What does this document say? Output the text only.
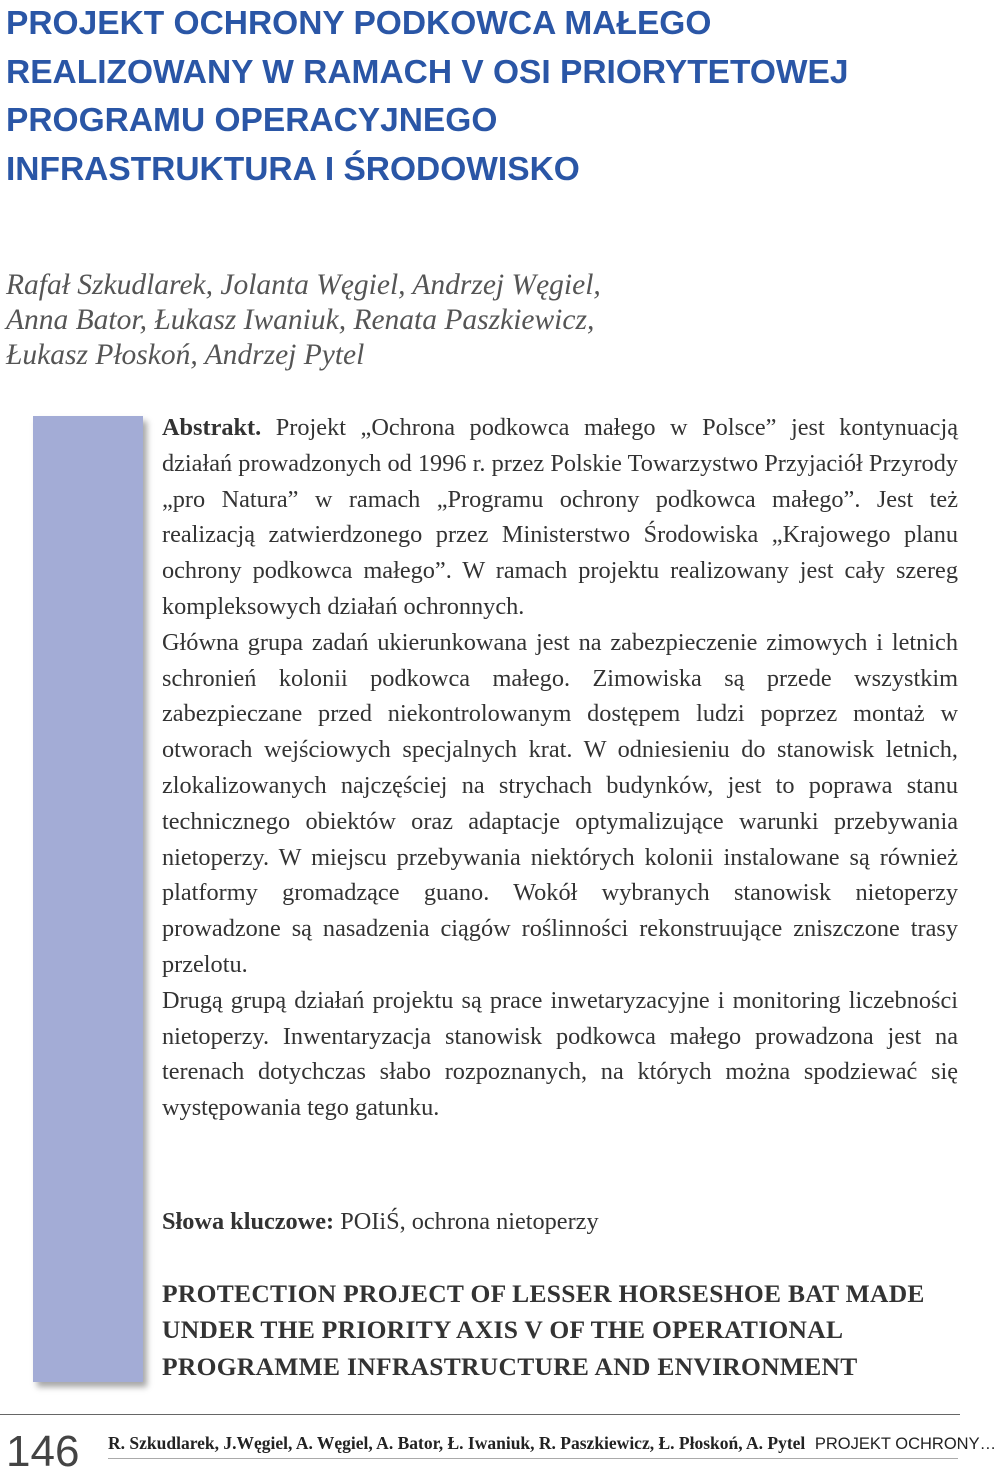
PROJEKT OCHRONY PODKOWCA MAŁEGO
REALIZOWANY W RAMACH V OSI PRIORYTETOWEJ
PROGRAMU OPERACYJNEGO
INFRASTRUKTURA I ŚRODOWISKO
Rafał Szkudlarek, Jolanta Węgiel, Andrzej Węgiel,
Anna Bator, Łukasz Iwaniuk, Renata Paszkiewicz,
Łukasz Płoskoń, Andrzej Pytel

Abstrakt. Projekt „Ochrona podkowca małego w Polsce” jest kontynuacją działań prowadzonych od 1996 r. przez Polskie Towarzystwo Przyjaciół Przyrody „pro Natura” w ramach „Programu ochrony podkowca małego”. Jest też realizacją zatwierdzonego przez Ministerstwo Środowiska „Krajowego planu ochrony podkowca małego”. W ramach projektu realizowany jest cały szereg kompleksowych działań ochronnych.

Główna grupa zadań ukierunkowana jest na zabezpieczenie zimowych i letnich schronień kolonii podkowca małego. Zimowiska są przede wszystkim zabezpieczane przed niekontrolowanym dostępem ludzi poprzez montaż w otworach wejściowych specjalnych krat. W odniesieniu do stanowisk letnich, zlokalizowanych najczęściej na strychach budynków, jest to poprawa stanu technicznego obiektów oraz adaptacje optymalizujące warunki przebywania nietoperzy. W miejscu przebywania niektórych kolonii instalowane są również platformy gromadzące guano. Wokół wybranych stanowisk nietoperzy prowadzone są nasadzenia ciągów roślinności rekonstruujące zniszczone trasy przelotu.

Drugą grupą działań projektu są prace inwetaryzacyjne i monitoring liczebności nietoperzy. Inwentaryzacja stanowisk podkowca małego prowadzona jest na terenach dotychczas słabo rozpoznanych, na których można spodziewać się występowania tego gatunku.

Słowa kluczowe: POIiŚ, ochrona nietoperzy

PROTECTION PROJECT OF LESSER HORSESHOE BAT MADE
UNDER THE PRIORITY AXIS V OF THE OPERATIONAL
PROGRAMME INFRASTRUCTURE AND ENVIRONMENT
146 R. Szkudlarek, J.Węgiel, A. Węgiel, A. Bator, Ł. Iwaniuk, R. Paszkiewicz, Ł. Płoskoń, A. Pytel PROJEKT OCHRONY…
